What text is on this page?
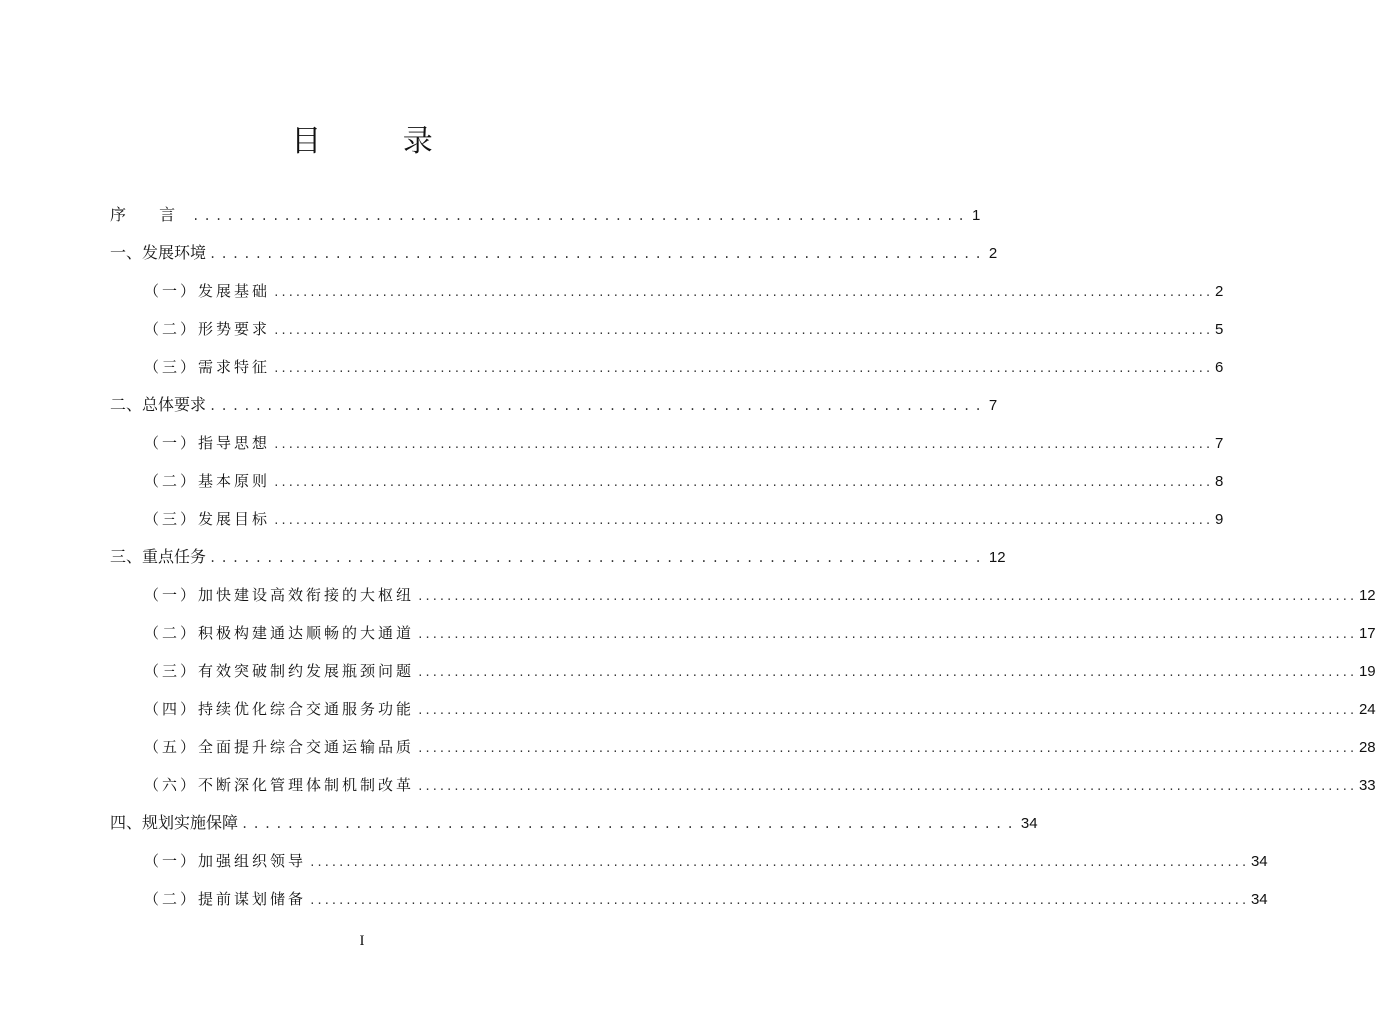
目 录
序 言 .................................................................... 1
一、发展环境 .................................................................... 2
（一）发展基础 .................................................................................................................................. 2
（二）形势要求 .................................................................................................................................. 5
（三）需求特征 .................................................................................................................................. 6
二、总体要求 .................................................................... 7
（一）指导思想 .................................................................................................................................. 7
（二）基本原则 .................................................................................................................................. 8
（三）发展目标 .................................................................................................................................. 9
三、重点任务 .................................................................... 12
（一）加快建设高效衔接的大枢纽 .................................................................................................................................. 12
（二）积极构建通达顺畅的大通道 .................................................................................................................................. 17
（三）有效突破制约发展瓶颈问题 .................................................................................................................................. 19
（四）持续优化综合交通服务功能 .................................................................................................................................. 24
（五）全面提升综合交通运输品质 .................................................................................................................................. 28
（六）不断深化管理体制机制改革 .................................................................................................................................. 33
四、规划实施保障 .................................................................... 34
（一）加强组织领导 .................................................................................................................................. 34
（二）提前谋划储备 .................................................................................................................................. 34
I
